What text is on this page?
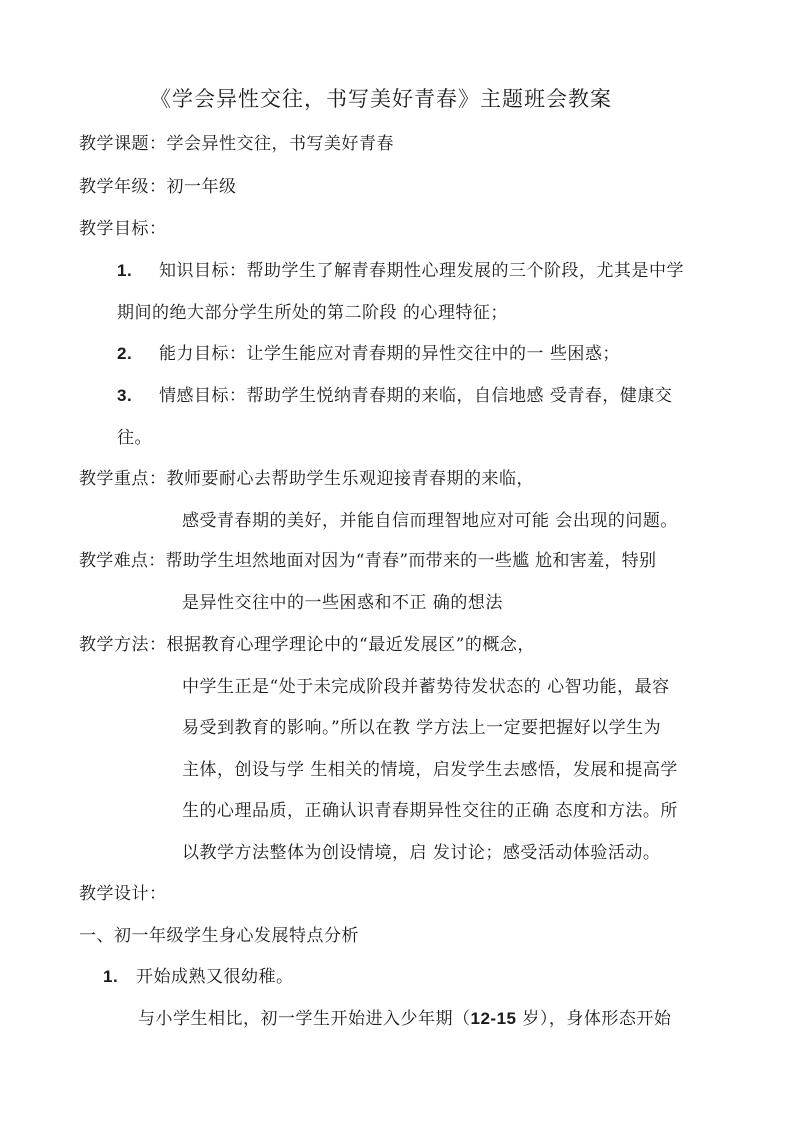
《学会异性交往，书写美好青春》主题班会教案
教学课题：学会异性交往，书写美好青春
教学年级：初一年级
教学目标：
1. 知识目标：帮助学生了解青春期性心理发展的三个阶段，尤其是中学
期间的绝大部分学生所处的第二阶段 的心理特征；
2. 能力目标：让学生能应对青春期的异性交往中的一 些困惑；
3. 情感目标：帮助学生悦纳青春期的来临，自信地感 受青春，健康交
往。
教学重点：教师要耐心去帮助学生乐观迎接青春期的来临，
感受青春期的美好，并能自信而理智地应对可能 会出现的问题。
教学难点：帮助学生坦然地面对因为“青春”而带来的一些尴 尬和害羞，特别
是异性交往中的一些困惑和不正 确的想法
教学方法：根据教育心理学理论中的“最近发展区”的概念，
中学生正是“处于未完成阶段并蓄势待发状态的 心智功能，最容
易受到教育的影响。”所以在教 学方法上一定要把握好以学生为
主体，创设与学 生相关的情境，启发学生去感悟，发展和提高学
生的心理品质，正确认识青春期异性交往的正确 态度和方法。所
以教学方法整体为创设情境，启 发讨论；感受活动体验活动。
教学设计：
一、初一年级学生身心发展特点分析
1. 开始成熟又很幼稚。
与小学生相比，初一学生开始进入少年期（12-15 岁），身体形态开始
